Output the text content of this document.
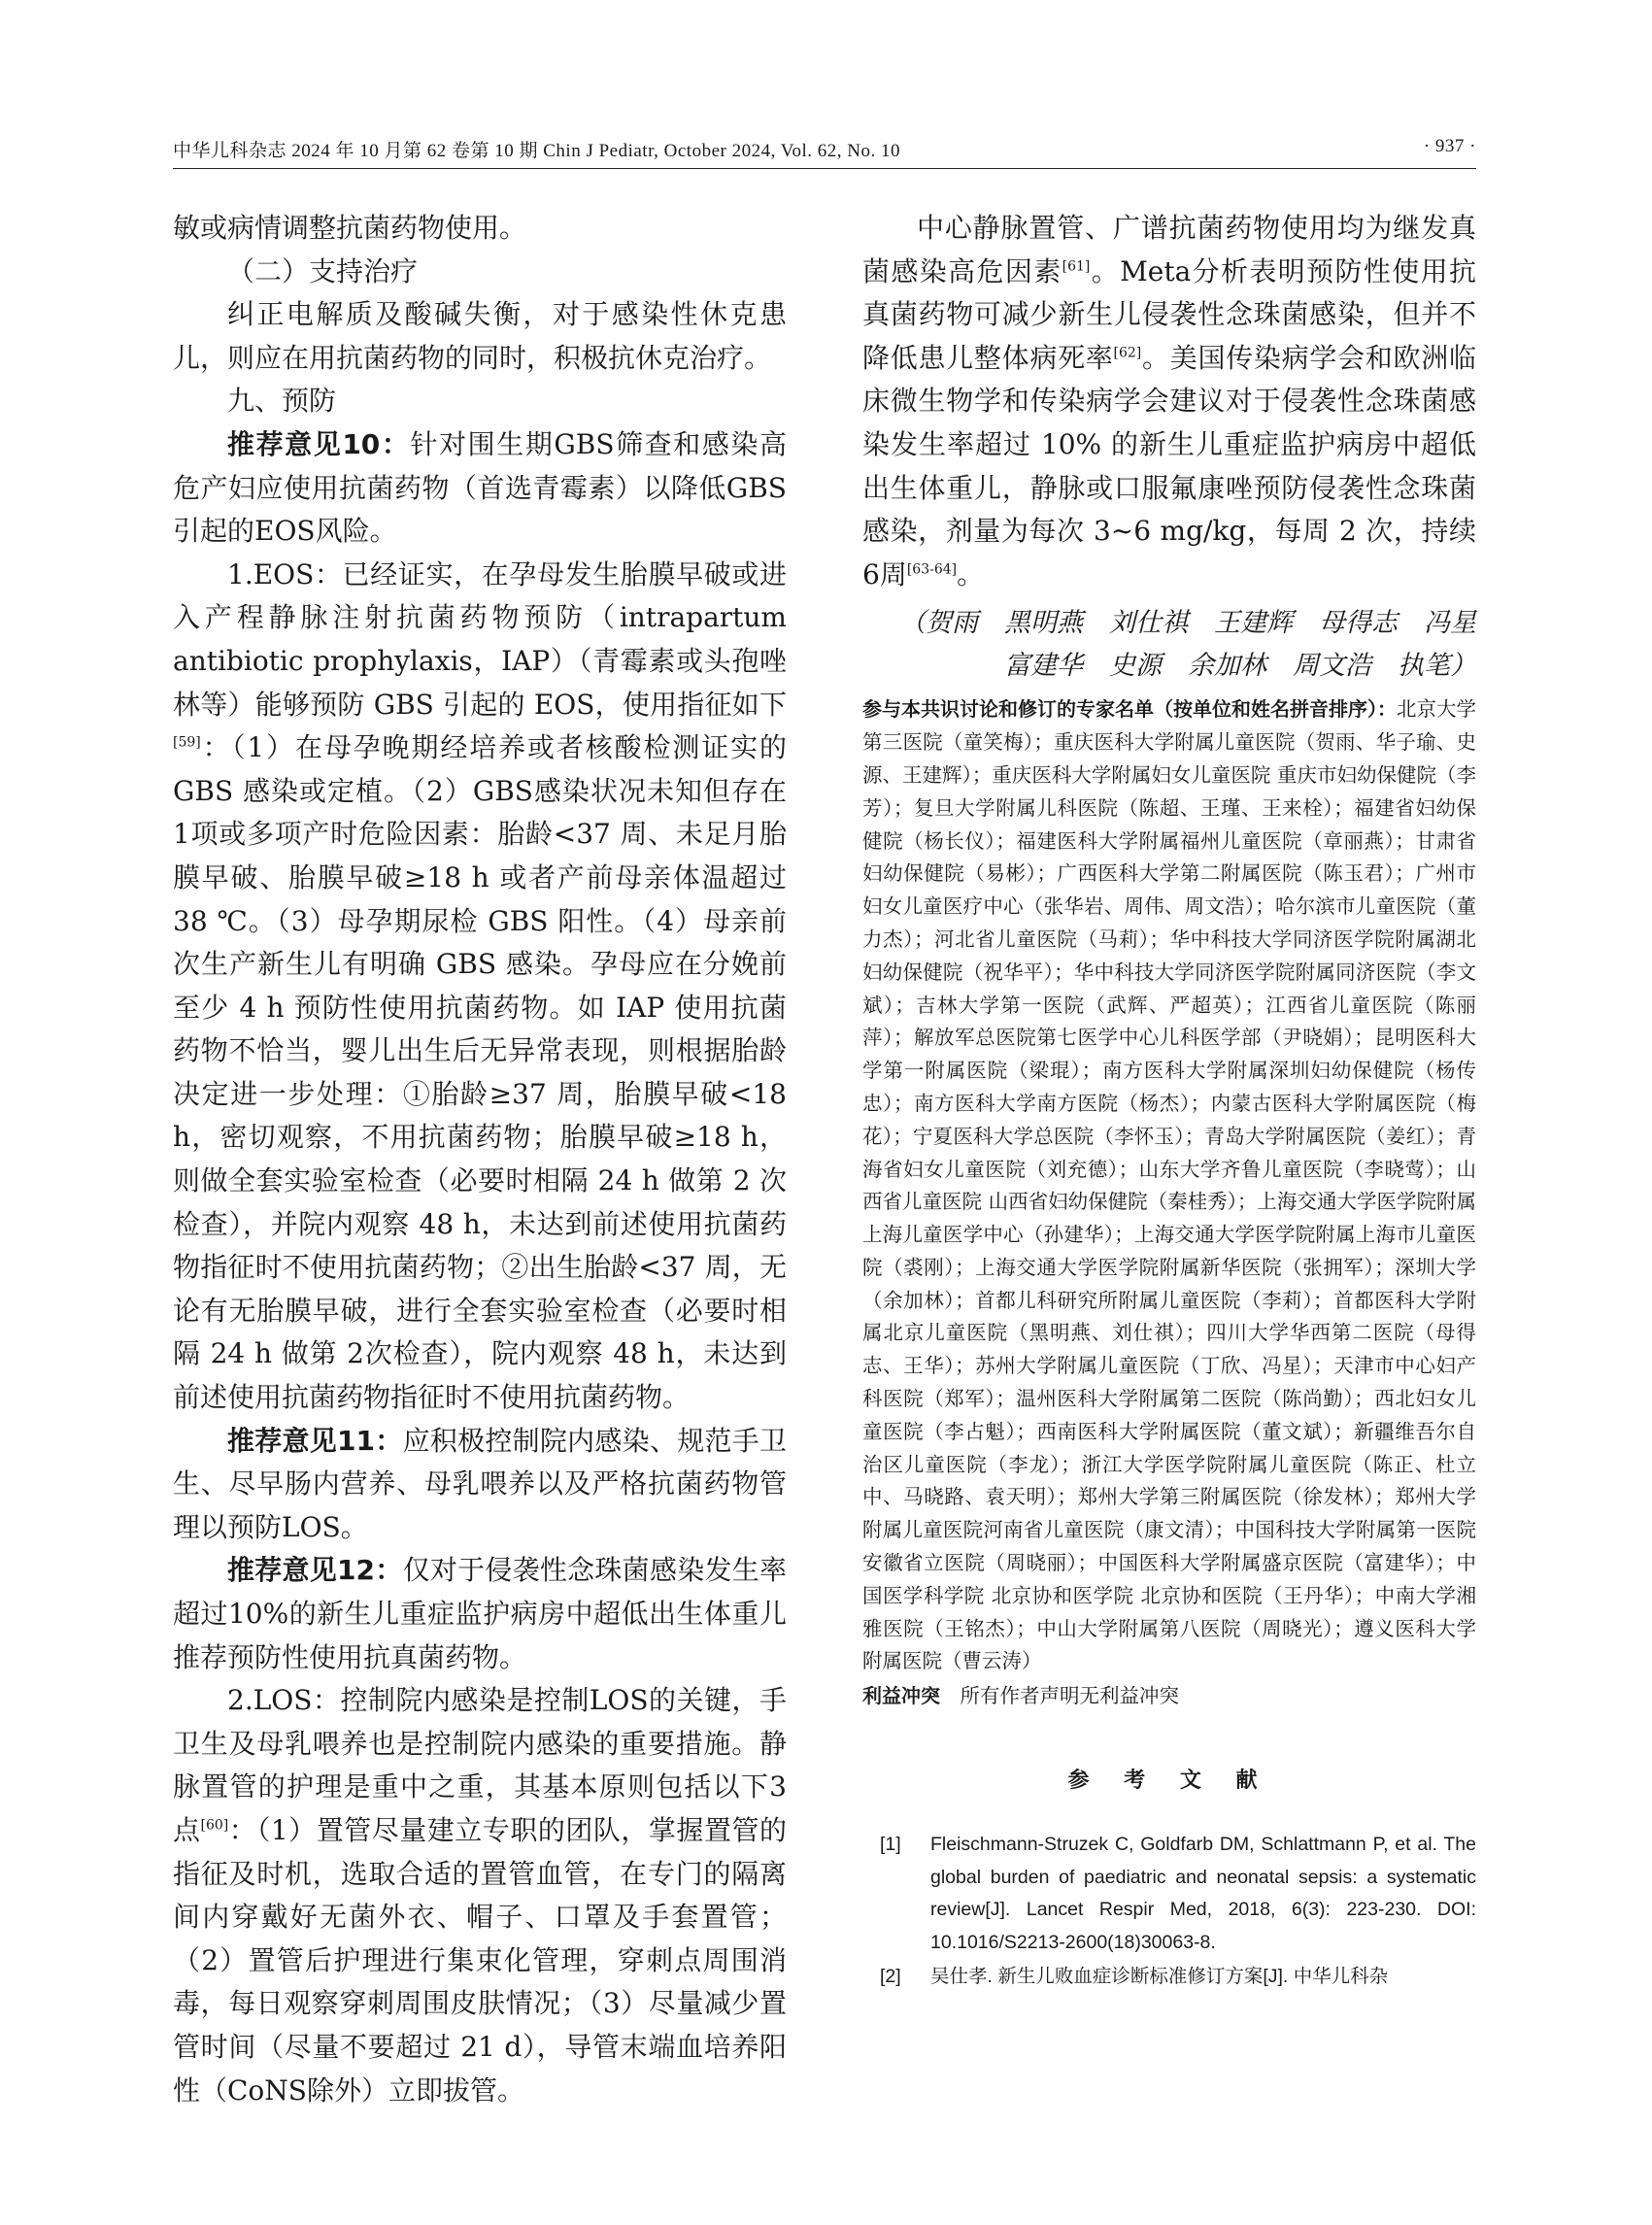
中华儿科杂志 2024 年 10 月第 62 卷第 10 期 Chin J Pediatr, October 2024, Vol. 62, No. 10	· 937 ·

敏或病情调整抗菌药物使用。

（二）支持治疗

纠正电解质及酸碱失衡，对于感染性休克患儿，则应在用抗菌药物的同时，积极抗休克治疗。

九、预防

推荐意见10：针对围生期GBS筛查和感染高危产妇应使用抗菌药物（首选青霉素）以降低GBS引起的EOS风险。

1.EOS：已经证实，在孕母发生胎膜早破或进入产程静脉注射抗菌药物预防（intrapartum antibiotic prophylaxis，IAP）（青霉素或头孢唑林等）能够预防 GBS 引起的 EOS，使用指征如下[59]：（1）在母孕晚期经培养或者核酸检测证实的 GBS 感染或定植。（2）GBS感染状况未知但存在 1项或多项产时危险因素：胎龄<37 周、未足月胎膜早破、胎膜早破≥18 h 或者产前母亲体温超过 38 ℃。（3）母孕期尿检 GBS 阳性。（4）母亲前次生产新生儿有明确 GBS 感染。孕母应在分娩前至少 4 h 预防性使用抗菌药物。如 IAP 使用抗菌药物不恰当，婴儿出生后无异常表现，则根据胎龄决定进一步处理：①胎龄≥37 周，胎膜早破<18 h，密切观察，不用抗菌药物；胎膜早破≥18 h，则做全套实验室检查（必要时相隔 24 h 做第 2 次检查），并院内观察 48 h，未达到前述使用抗菌药物指征时不使用抗菌药物；②出生胎龄<37 周，无论有无胎膜早破，进行全套实验室检查（必要时相隔 24 h 做第 2次检查），院内观察 48 h，未达到前述使用抗菌药物指征时不使用抗菌药物。

推荐意见11：应积极控制院内感染、规范手卫生、尽早肠内营养、母乳喂养以及严格抗菌药物管理以预防LOS。

推荐意见12：仅对于侵袭性念珠菌感染发生率超过10%的新生儿重症监护病房中超低出生体重儿推荐预防性使用抗真菌药物。

2.LOS：控制院内感染是控制LOS的关键，手卫生及母乳喂养也是控制院内感染的重要措施。静脉置管的护理是重中之重，其基本原则包括以下3点[60]：（1）置管尽量建立专职的团队，掌握置管的指征及时机，选取合适的置管血管，在专门的隔离间内穿戴好无菌外衣、帽子、口罩及手套置管；（2）置管后护理进行集束化管理，穿刺点周围消毒，每日观察穿刺周围皮肤情况；（3）尽量减少置管时间（尽量不要超过 21 d），导管末端血培养阳性（CoNS除外）立即拔管。

中心静脉置管、广谱抗菌药物使用均为继发真菌感染高危因素[61]。Meta分析表明预防性使用抗真菌药物可减少新生儿侵袭性念珠菌感染，但并不降低患儿整体病死率[62]。美国传染病学会和欧洲临床微生物学和传染病学会建议对于侵袭性念珠菌感染发生率超过 10% 的新生儿重症监护病房中超低出生体重儿，静脉或口服氟康唑预防侵袭性念珠菌感染，剂量为每次 3~6 mg/kg，每周 2 次，持续6周[63-64]。

（贺雨　黑明燕　刘仕祺　王建辉　母得志　冯星

富建华　史源　余加林　周文浩　执笔）

参与本共识讨论和修订的专家名单（按单位和姓名拼音排序）：北京大学第三医院（童笑梅）；重庆医科大学附属儿童医院（贺雨、华子瑜、史源、王建辉）；重庆医科大学附属妇女儿童医院 重庆市妇幼保健院（李芳）；复旦大学附属儿科医院（陈超、王瑾、王来栓）；福建省妇幼保健院（杨长仪）；福建医科大学附属福州儿童医院（章丽燕）；甘肃省妇幼保健院（易彬）；广西医科大学第二附属医院（陈玉君）；广州市妇女儿童医疗中心（张华岩、周伟、周文浩）；哈尔滨市儿童医院（董力杰）；河北省儿童医院（马莉）；华中科技大学同济医学院附属湖北妇幼保健院（祝华平）；华中科技大学同济医学院附属同济医院（李文斌）；吉林大学第一医院（武辉、严超英）；江西省儿童医院（陈丽萍）；解放军总医院第七医学中心儿科医学部（尹晓娟）；昆明医科大学第一附属医院（梁琨）；南方医科大学附属深圳妇幼保健院（杨传忠）；南方医科大学南方医院（杨杰）；内蒙古医科大学附属医院（梅花）；宁夏医科大学总医院（李怀玉）；青岛大学附属医院（姜红）；青海省妇女儿童医院（刘充德）；山东大学齐鲁儿童医院（李晓莺）；山西省儿童医院 山西省妇幼保健院（秦桂秀）；上海交通大学医学院附属上海儿童医学中心（孙建华）；上海交通大学医学院附属上海市儿童医院（裘刚）；上海交通大学医学院附属新华医院（张拥军）；深圳大学（余加林）；首都儿科研究所附属儿童医院（李莉）；首都医科大学附属北京儿童医院（黑明燕、刘仕祺）；四川大学华西第二医院（母得志、王华）；苏州大学附属儿童医院（丁欣、冯星）；天津市中心妇产科医院（郑军）；温州医科大学附属第二医院（陈尚勤）；西北妇女儿童医院（李占魁）；西南医科大学附属医院（董文斌）；新疆维吾尔自治区儿童医院（李龙）；浙江大学医学院附属儿童医院（陈正、杜立中、马晓路、袁天明）；郑州大学第三附属医院（徐发林）；郑州大学附属儿童医院河南省儿童医院（康文清）；中国科技大学附属第一医院安徽省立医院（周晓丽）；中国医科大学附属盛京医院（富建华）；中国医学科学院 北京协和医学院 北京协和医院（王丹华）；中南大学湘雅医院（王铭杰）；中山大学附属第八医院（周晓光）；遵义医科大学附属医院（曹云涛）

利益冲突　 所有作者声明无利益冲突

参 考 文 献

[1] Fleischmann-Struzek C, Goldfarb DM, Schlattmann P, et al. The global burden of paediatric and neonatal sepsis: a systematic review[J]. Lancet Respir Med, 2018, 6(3): 223-230. DOI: 10.1016/S2213-2600(18)30063-8.

[2] 吴仕孝. 新生儿败血症诊断标准修订方案[J]. 中华儿科杂
